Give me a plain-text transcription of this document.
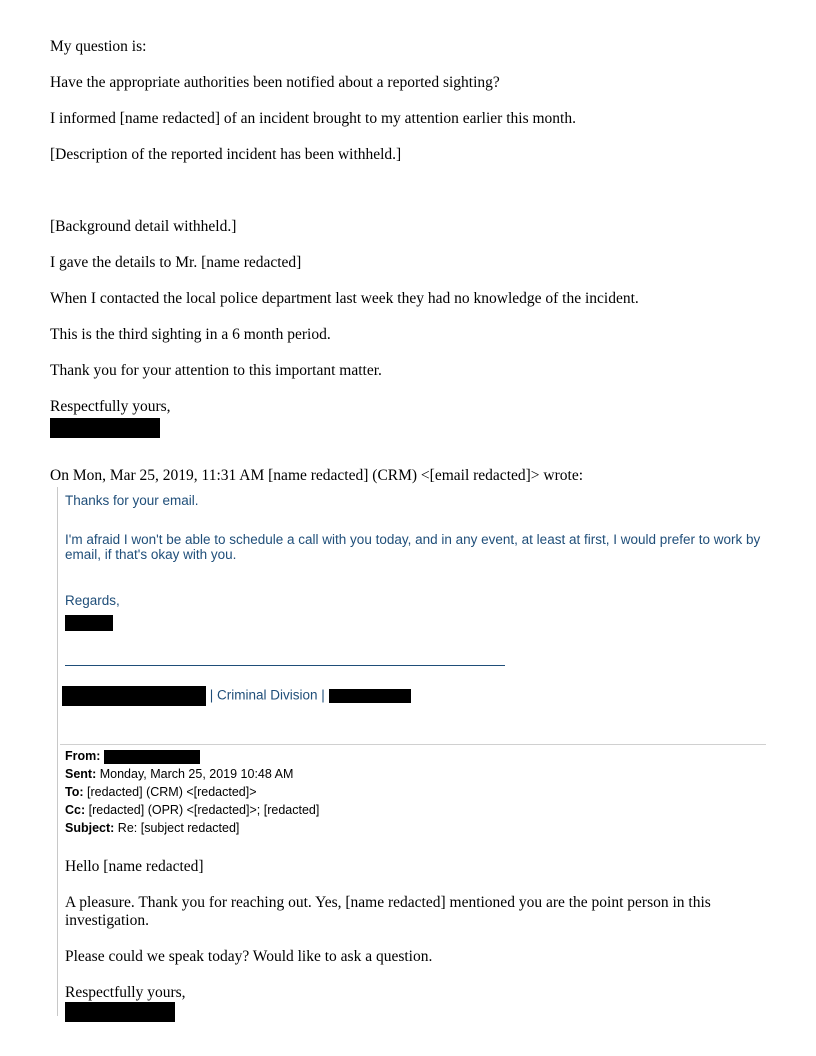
My question is:
Have the appropriate authorities been notified about a reported sighting?
I informed [name redacted] of an incident brought to my attention earlier this month.
[Description of the reported incident has been withheld.]
[Background detail withheld.]
I gave the details to Mr. [name redacted]
When I contacted the local police department last week they had no knowledge of the incident.
This is the third sighting in a 6 month period.
Thank you for your attention to this important matter.
Respectfully yours,
On Mon, Mar 25, 2019, 11:31 AM [name redacted] (CRM) <[email redacted]> wrote:
Thanks for your email.
I'm afraid I won't be able to schedule a call with you today, and in any event, at least at first, I would prefer to work by email, if that's okay with you.
Regards,
| Criminal Division |
From:
Sent: Monday, March 25, 2019 10:48 AM
To: [redacted] (CRM) <[redacted]>
Cc: [redacted] (OPR) <[redacted]>; [redacted]
Subject: Re: [subject redacted]
Hello [name redacted]
A pleasure. Thank you for reaching out. Yes, [name redacted] mentioned you are the point person in this investigation.
Please could we speak today? Would like to ask a question.
Respectfully yours,
